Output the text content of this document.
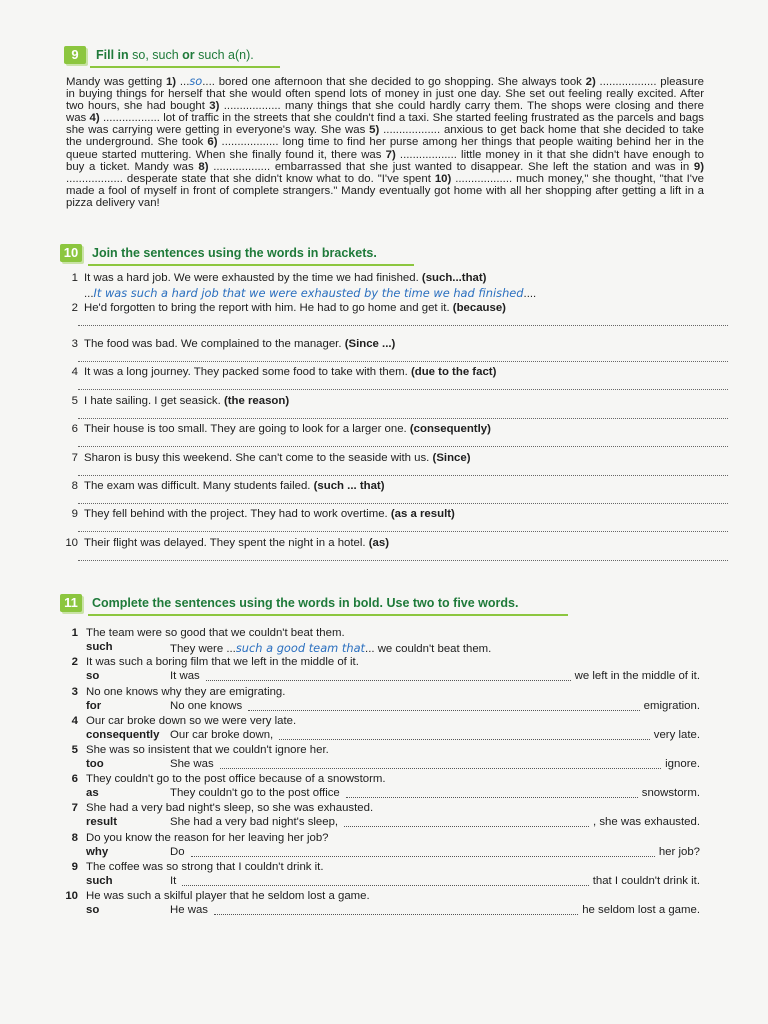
9	Fill in so, such or such a(n).
Mandy was getting 1) ...so.... bored one afternoon that she decided to go shopping. She always took 2) .................. pleasure in buying things for herself that she would often spend lots of money in just one day. She set out feeling really excited. After two hours, she had bought 3) .................. many things that she could hardly carry them. The shops were closing and there was 4) .................. lot of traffic in the streets that she couldn't find a taxi. She started feeling frustrated as the parcels and bags she was carrying were getting in everyone's way. She was 5) .................. anxious to get back home that she decided to take the underground. She took 6) .................. long time to find her purse among her things that people waiting behind her in the queue started muttering. When she finally found it, there was 7) .................. little money in it that she didn't have enough to buy a ticket. Mandy was 8) .................. embarrassed that she just wanted to disappear. She left the station and was in 9) .................. desperate state that she didn't know what to do. "I've spent 10) .................. much money," she thought, "that I've made a fool of myself in front of complete strangers." Mandy eventually got home with all her shopping after getting a lift in a pizza delivery van!
10	Join the sentences using the words in brackets.
1 It was a hard job. We were exhausted by the time we had finished. (such...that)
...It was such a hard job that we were exhausted by the time we had finished....
2 He'd forgotten to bring the report with him. He had to go home and get it. (because)
3 The food was bad. We complained to the manager. (Since ...)
4 It was a long journey. They packed some food to take with them. (due to the fact)
5 I hate sailing. I get seasick. (the reason)
6 Their house is too small. They are going to look for a larger one. (consequently)
7 Sharon is busy this weekend. She can't come to the seaside with us. (Since)
8 The exam was difficult. Many students failed. (such ... that)
9 They fell behind with the project. They had to work overtime. (as a result)
10 Their flight was delayed. They spent the night in a hotel. (as)
11	Complete the sentences using the words in bold. Use two to five words.
1 The team were so good that we couldn't beat them.
such	They were ...such a good team that... we couldn't beat them.
2 It was such a boring film that we left in the middle of it.
so	It was	we left in the middle of it.
3 No one knows why they are emigrating.
for	No one knows	emigration.
4 Our car broke down so we were very late.
consequently Our car broke down,	very late.
5 She was so insistent that we couldn't ignore her.
too	She was	ignore.
6 They couldn't go to the post office because of a snowstorm.
as	They couldn't go to the post office	snowstorm.
7 She had a very bad night's sleep, so she was exhausted.
result	She had a very bad night's sleep,	, she was exhausted.
8 Do you know the reason for her leaving her job?
why	Do	her job?
9 The coffee was so strong that I couldn't drink it.
such	It	that I couldn't drink it.
10 He was such a skilful player that he seldom lost a game.
so	He was	he seldom lost a game.
